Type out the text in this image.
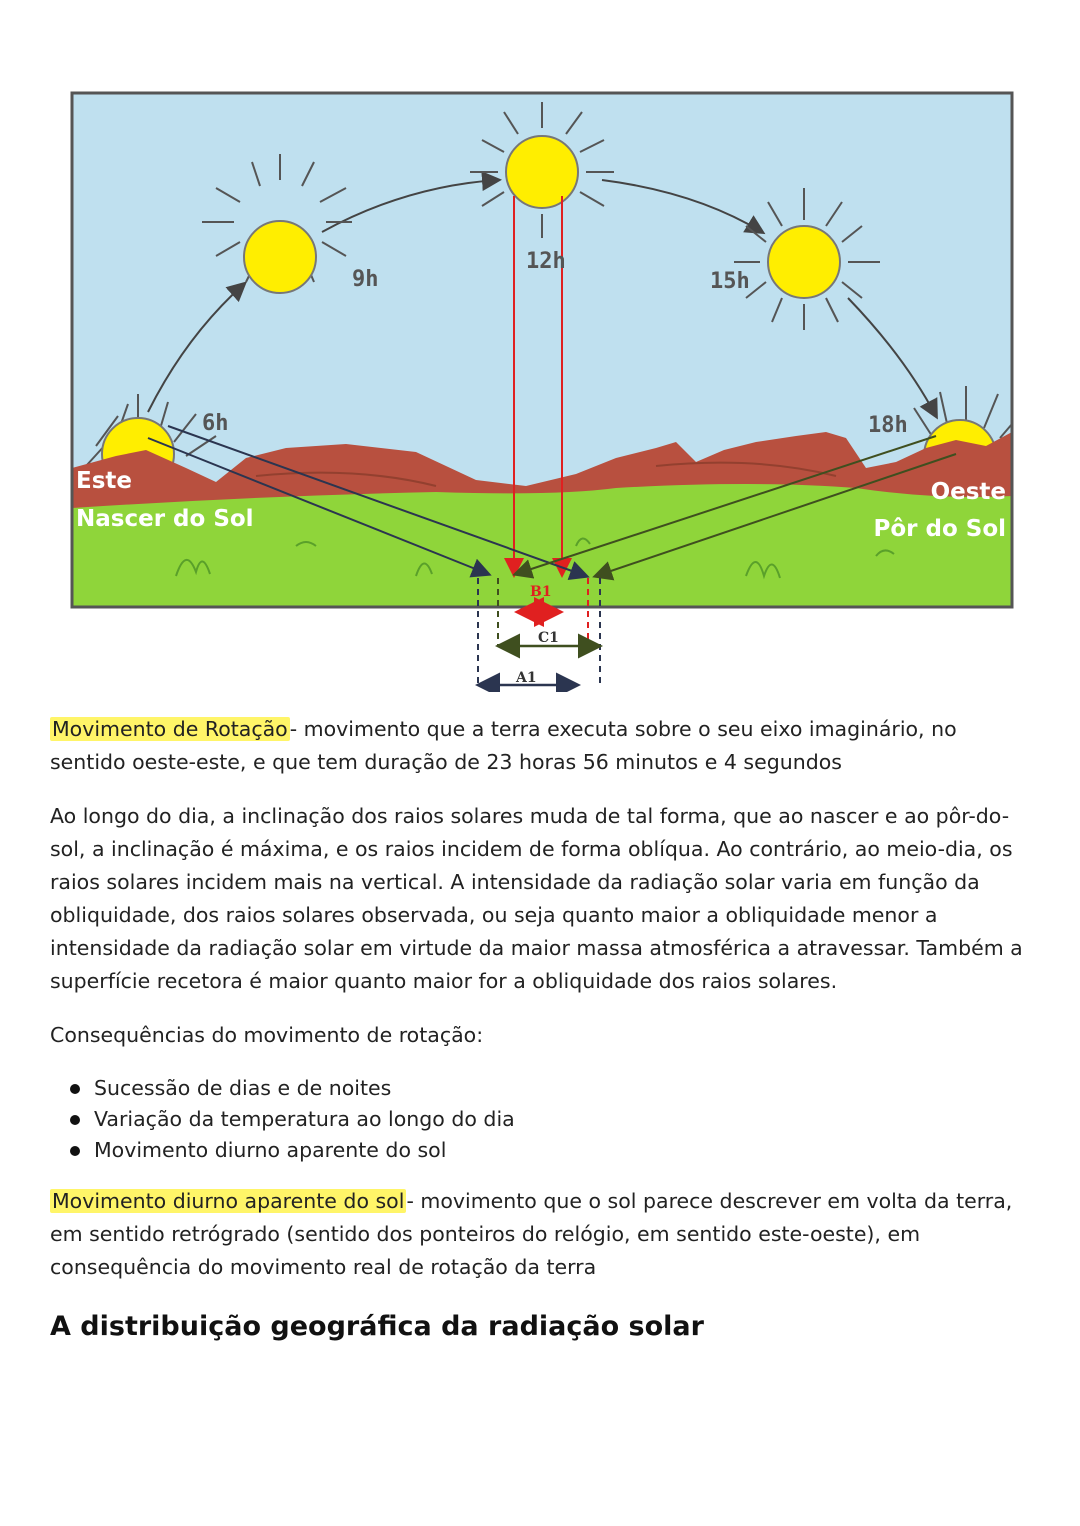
6h
9h
12h
15h
18h
Este
Nascer do Sol
Oeste
Pôr do Sol
B1
C1
A1

Movimento de Rotação- movimento que a terra executa sobre o seu eixo imaginário, no sentido oeste-este, e que tem duração de 23 horas 56 minutos e 4 segundos

Ao longo do dia, a inclinação dos raios solares muda de tal forma, que ao nascer e ao pôr-do-sol, a inclinação é máxima, e os raios incidem de forma oblíqua. Ao contrário, ao meio-dia, os raios solares incidem mais na vertical. A intensidade da radiação solar varia em função da obliquidade, dos raios solares observada, ou seja quanto maior a obliquidade menor a intensidade da radiação solar em virtude da maior massa atmosférica a atravessar. Também a superfície recetora é maior quanto maior for a obliquidade dos raios solares.

Consequências do movimento de rotação:

Sucessão de dias e de noites
Variação da temperatura ao longo do dia
Movimento diurno aparente do sol

Movimento diurno aparente do sol- movimento que o sol parece descrever em volta da terra, em sentido retrógrado (sentido dos ponteiros do relógio, em sentido este-oeste), em consequência do movimento real de rotação da terra

A distribuição geográfica da radiação solar
